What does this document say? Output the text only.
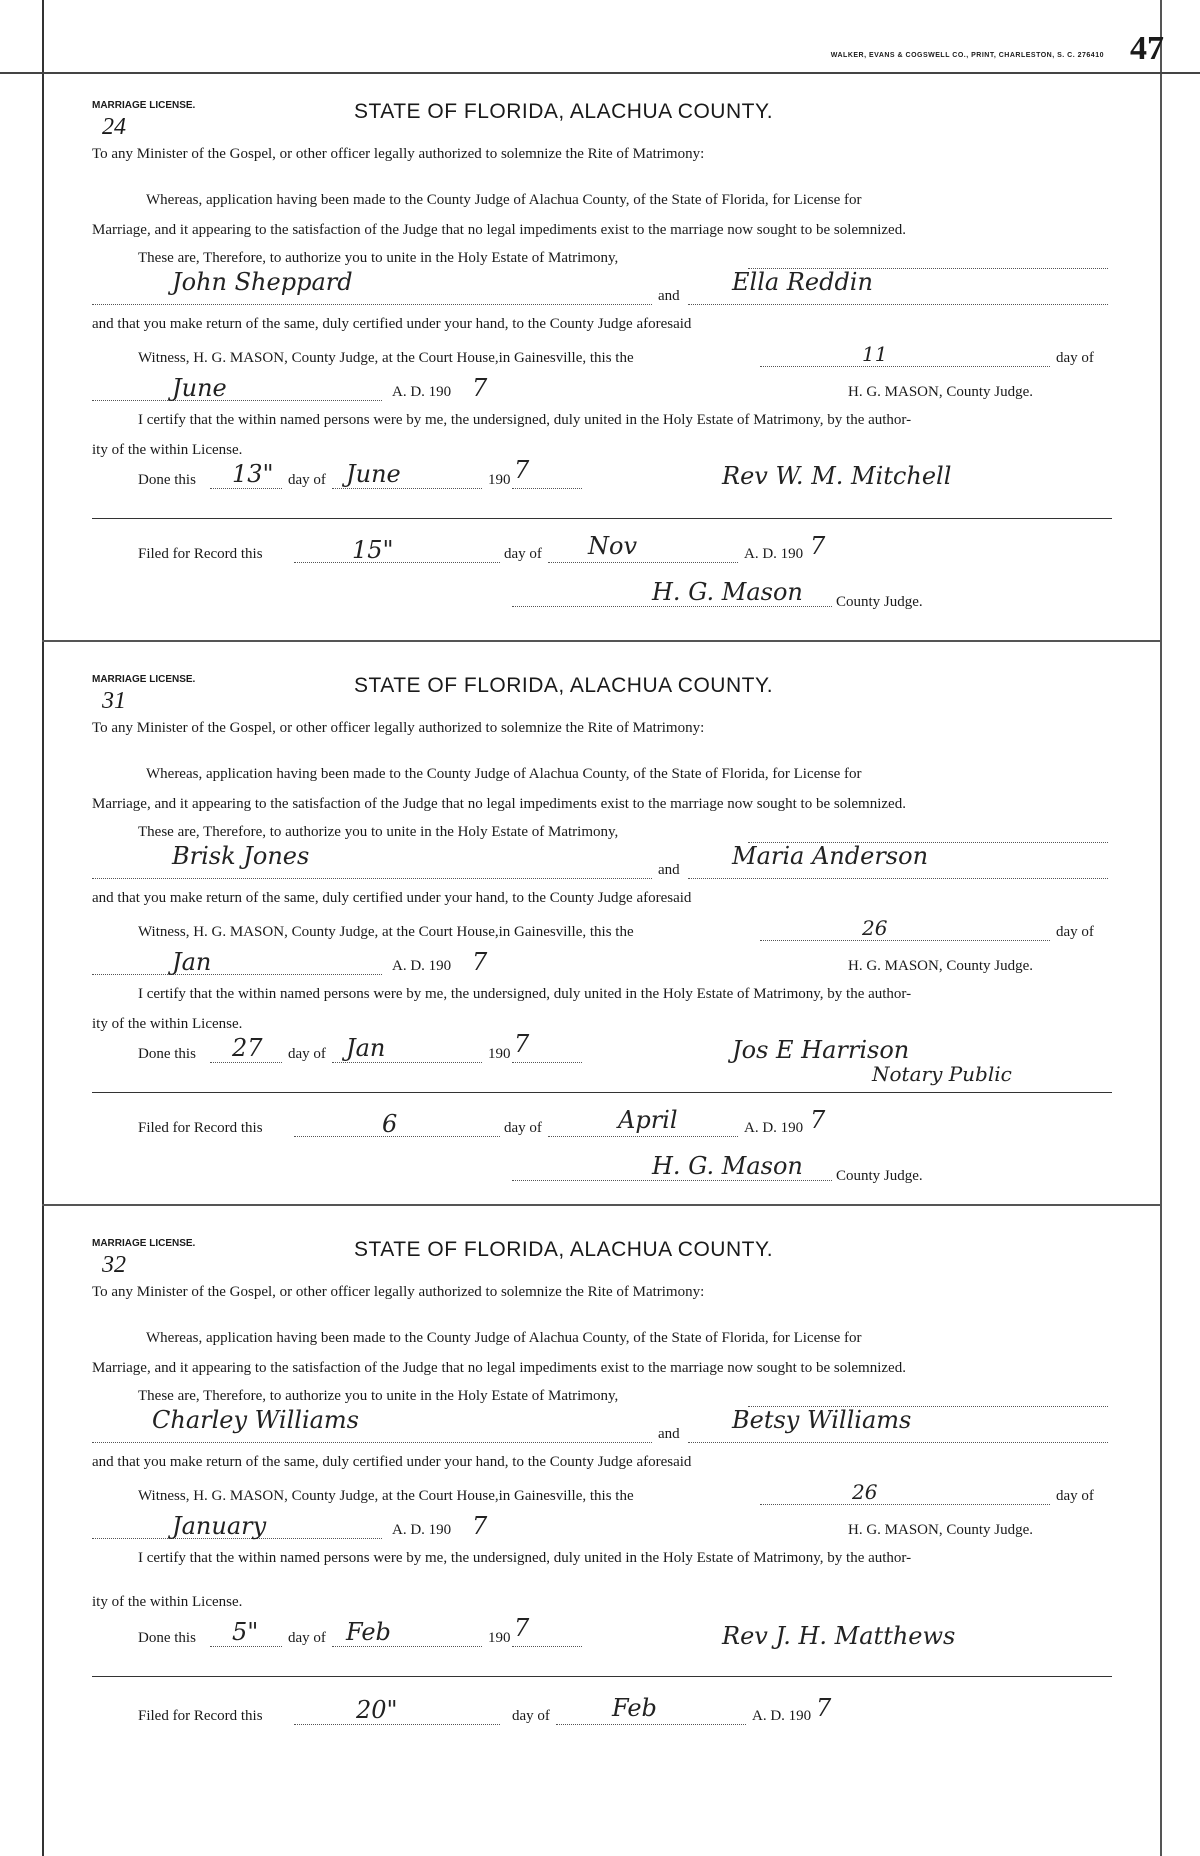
WALKER, EVANS & COGSWELL CO., PRINT, CHARLESTON, S. C. 276410 47
MARRIAGE LICENSE.
24
STATE OF FLORIDA, ALACHUA COUNTY.
To any Minister of the Gospel, or other officer legally authorized to solemnize the Rite of Matrimony:
Whereas, application having been made to the County Judge of Alachua County, of the State of Florida, for License for
Marriage, and it appearing to the satisfaction of the Judge that no legal impediments exist to the marriage now sought to be solemnized.
These are, Therefore, to authorize you to unite in the Holy Estate of Matrimony,
John Sheppard	and Ella Reddin
and that you make return of the same, duly certified under your hand, to the County Judge aforesaid
Witness, H. G. MASON, County Judge, at the Court House,in Gainesville, this the	11	day of
June	A. D. 190 7	H. G. MASON, County Judge.
I certify that the within named persons were by me, the undersigned, duly united in the Holy Estate of Matrimony, by the author-
ity of the within License.
Done this 13" day of June	190 7	Rev W. M. Mitchell
Filed for Record this	15"	day of Nov	A. D. 190 7
H. G. Mason County Judge.
MARRIAGE LICENSE.
31
STATE OF FLORIDA, ALACHUA COUNTY.
To any Minister of the Gospel, or other officer legally authorized to solemnize the Rite of Matrimony:
Whereas, application having been made to the County Judge of Alachua County, of the State of Florida, for License for
Marriage, and it appearing to the satisfaction of the Judge that no legal impediments exist to the marriage now sought to be solemnized.
These are, Therefore, to authorize you to unite in the Holy Estate of Matrimony,
Brisk Jones	and Maria Anderson
and that you make return of the same, duly certified under your hand, to the County Judge aforesaid
Witness, H. G. MASON, County Judge, at the Court House,in Gainesville, this the	26	day of
Jan	A. D. 190 7	H. G. MASON, County Judge.
I certify that the within named persons were by me, the undersigned, duly united in the Holy Estate of Matrimony, by the author-
ity of the within License.
Done this 27 day of Jan	190 7	Jos E Harrison
Notary Public
Filed for Record this	6	day of	April	A. D. 190 7
H. G. Mason County Judge.
MARRIAGE LICENSE.
32
STATE OF FLORIDA, ALACHUA COUNTY.
To any Minister of the Gospel, or other officer legally authorized to solemnize the Rite of Matrimony:
Whereas, application having been made to the County Judge of Alachua County, of the State of Florida, for License for
Marriage, and it appearing to the satisfaction of the Judge that no legal impediments exist to the marriage now sought to be solemnized.
These are, Therefore, to authorize you to unite in the Holy Estate of Matrimony,
Charley Williams	and Betsy Williams
and that you make return of the same, duly certified under your hand, to the County Judge aforesaid
Witness, H. G. MASON, County Judge, at the Court House,in Gainesville, this the	26	day of
January	A. D. 190 7	H. G. MASON, County Judge.
I certify that the within named persons were by me, the undersigned, duly united in the Holy Estate of Matrimony, by the author-
ity of the within License.
Done this 5" day of Feb	190 7	Rev J. H. Matthews
Filed for Record this	20"	day of	Feb	A. D. 190 7
